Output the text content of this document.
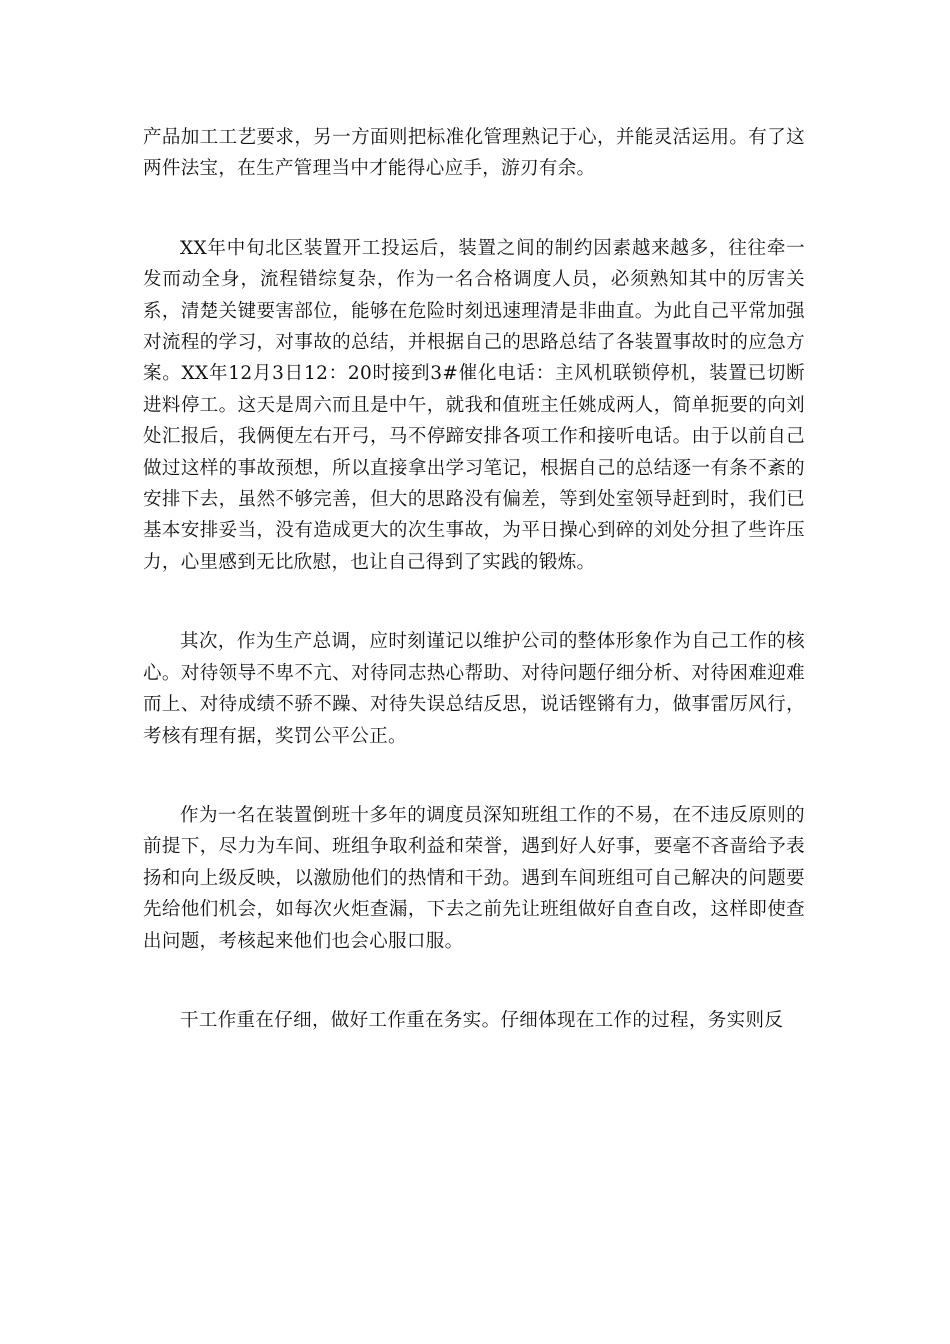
产品加工工艺要求，另一方面则把标准化管理熟记于心，并能灵活运用。有了这两件法宝，在生产管理当中才能得心应手，游刃有余。

XX年中旬北区装置开工投运后，装置之间的制约因素越来越多，往往牵一发而动全身，流程错综复杂，作为一名合格调度人员，必须熟知其中的厉害关系，清楚关键要害部位，能够在危险时刻迅速理清是非曲直。为此自己平常加强对流程的学习，对事故的总结，并根据自己的思路总结了各装置事故时的应急方案。XX年12月3日12：20时接到3#催化电话：主风机联锁停机，装置已切断进料停工。这天是周六而且是中午，就我和值班主任姚成两人，简单扼要的向刘处汇报后，我俩便左右开弓，马不停蹄安排各项工作和接听电话。由于以前自己做过这样的事故预想，所以直接拿出学习笔记，根据自己的总结逐一有条不紊的安排下去，虽然不够完善，但大的思路没有偏差，等到处室领导赶到时，我们已基本安排妥当，没有造成更大的次生事故，为平日操心到碎的刘处分担了些许压力，心里感到无比欣慰，也让自己得到了实践的锻炼。

其次，作为生产总调，应时刻谨记以维护公司的整体形象作为自己工作的核心。对待领导不卑不亢、对待同志热心帮助、对待问题仔细分析、对待困难迎难而上、对待成绩不骄不躁、对待失误总结反思，说话铿锵有力，做事雷厉风行，考核有理有据，奖罚公平公正。

作为一名在装置倒班十多年的调度员深知班组工作的不易，在不违反原则的前提下，尽力为车间、班组争取利益和荣誉，遇到好人好事，要毫不吝啬给予表扬和向上级反映，以激励他们的热情和干劲。遇到车间班组可自己解决的问题要先给他们机会，如每次火炬查漏，下去之前先让班组做好自查自改，这样即使查出问题，考核起来他们也会心服口服。

干工作重在仔细，做好工作重在务实。仔细体现在工作的过程，务实则反
